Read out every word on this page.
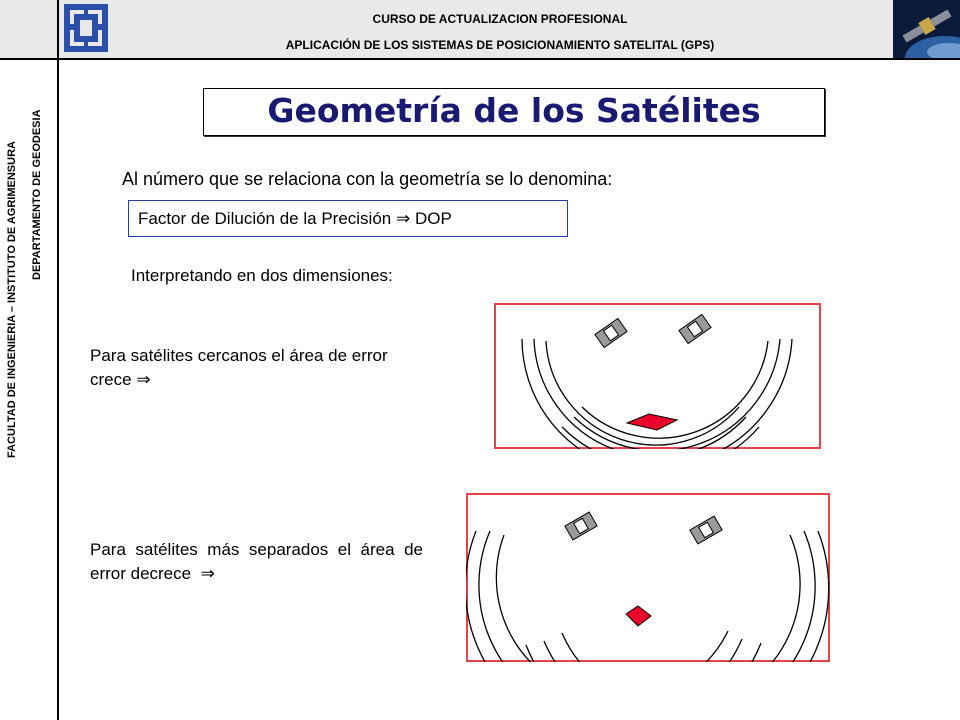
CURSO DE ACTUALIZACION PROFESIONAL
APLICACIÓN DE LOS SISTEMAS DE POSICIONAMIENTO SATELITAL (GPS)
FACULTAD DE INGENIERIA – INSTITUTO DE AGRIMENSURA DEPARTAMENTO DE GEODESIA	Geometría de los Satélites
Al número que se relaciona con la geometría se lo denomina:
Factor de Dilución de la Precisión ⇒ DOP
Interpretando en dos dimensiones:
Para satélites cercanos el área de error crece ⇒
Para satélites más separados el área de error decrece ⇒
